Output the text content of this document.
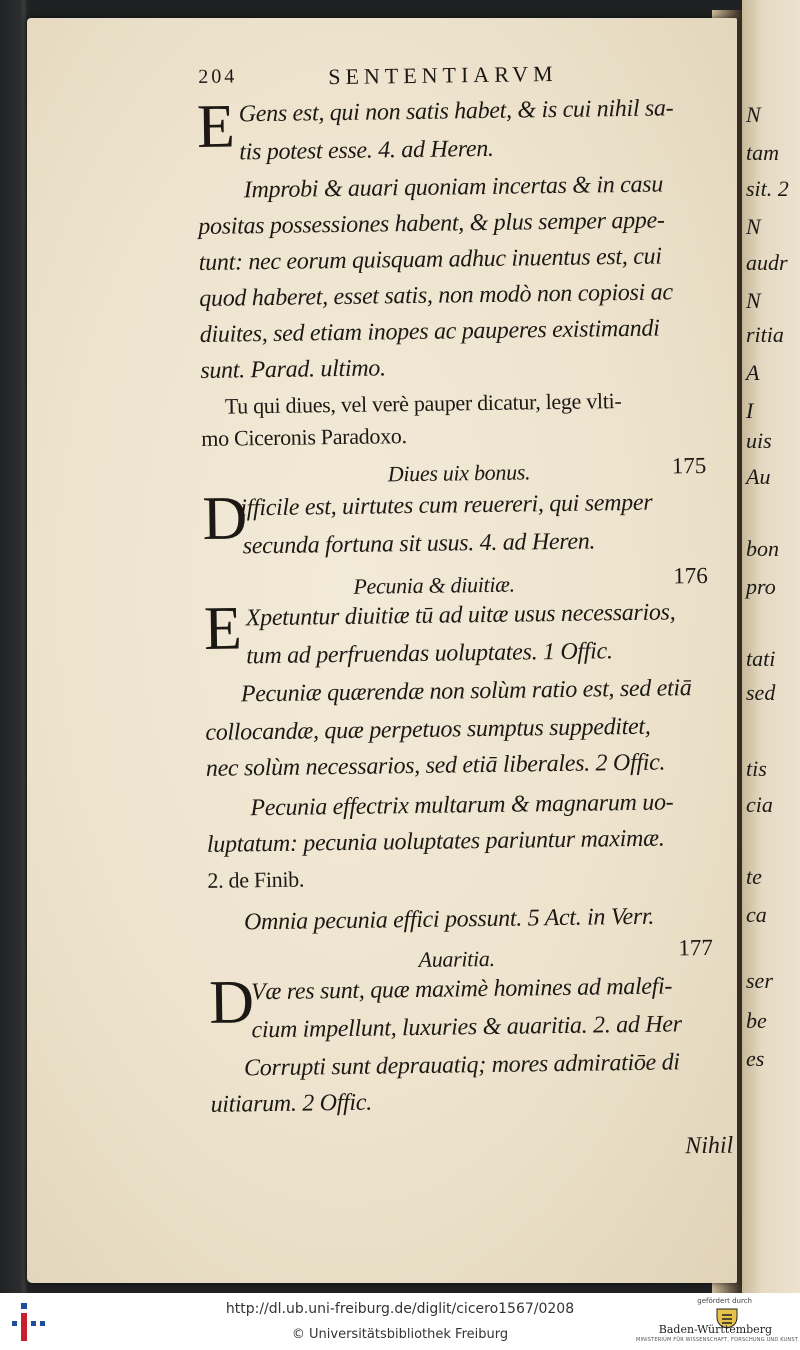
N
tam
sit. 2
N
audr
N
ritia
A
I
uis
Au
bon
pro
tati
sed
tis
cia
te
ca
ser
be
es
204	SENTENTIARVM
E Gens est, qui non satis habet, & is cui nihil sa-
tis potest esse. 4. ad Heren.
Improbi & auari quoniam incertas & in casu
positas possessiones habent, & plus semper appe-
tunt: nec eorum quisquam adhuc inuentus est, cui
quod haberet, esset satis, non modò non copiosi ac
diuites, sed etiam inopes ac pauperes existimandi
sunt. Parad. ultimo.
Tu qui diues, vel verè pauper dicatur, lege vlti-
mo Ciceronis Paradoxo.
Diues uix bonus.	175
D
ifficile est, uirtutes cum reuereri, qui semper
secunda fortuna sit usus. 4. ad Heren.
Pecunia & diuitiæ.	176
E Xpetuntur diuitiæ tū ad uitæ usus necessarios,
tum ad perfruendas uoluptates. 1 Offic.
Pecuniæ quærendæ non solùm ratio est, sed etiā
collocandæ, quæ perpetuos sumptus suppeditet,
nec solùm necessarios, sed etiā liberales. 2 Offic.
Pecunia effectrix multarum & magnarum uo-
luptatum: pecunia uoluptates pariuntur maximæ.
2. de Finib.
Omnia pecunia effici possunt. 5 Act. in Verr.
Auaritia.	177
D
Væ res sunt, quæ maximè homines ad malefi-
cium impellunt, luxuries & auaritia. 2. ad Her
Corrupti sunt deprauatiq; mores admiratiōe di
uitiarum. 2 Offic.
Nihil
http://dl.ub.uni-freiburg.de/diglit/cicero1567/0208
© Universitätsbibliothek Freiburg
gefördert durch
Baden-Württemberg
MINISTERIUM FÜR WISSENSCHAFT, FORSCHUNG UND KUNST
